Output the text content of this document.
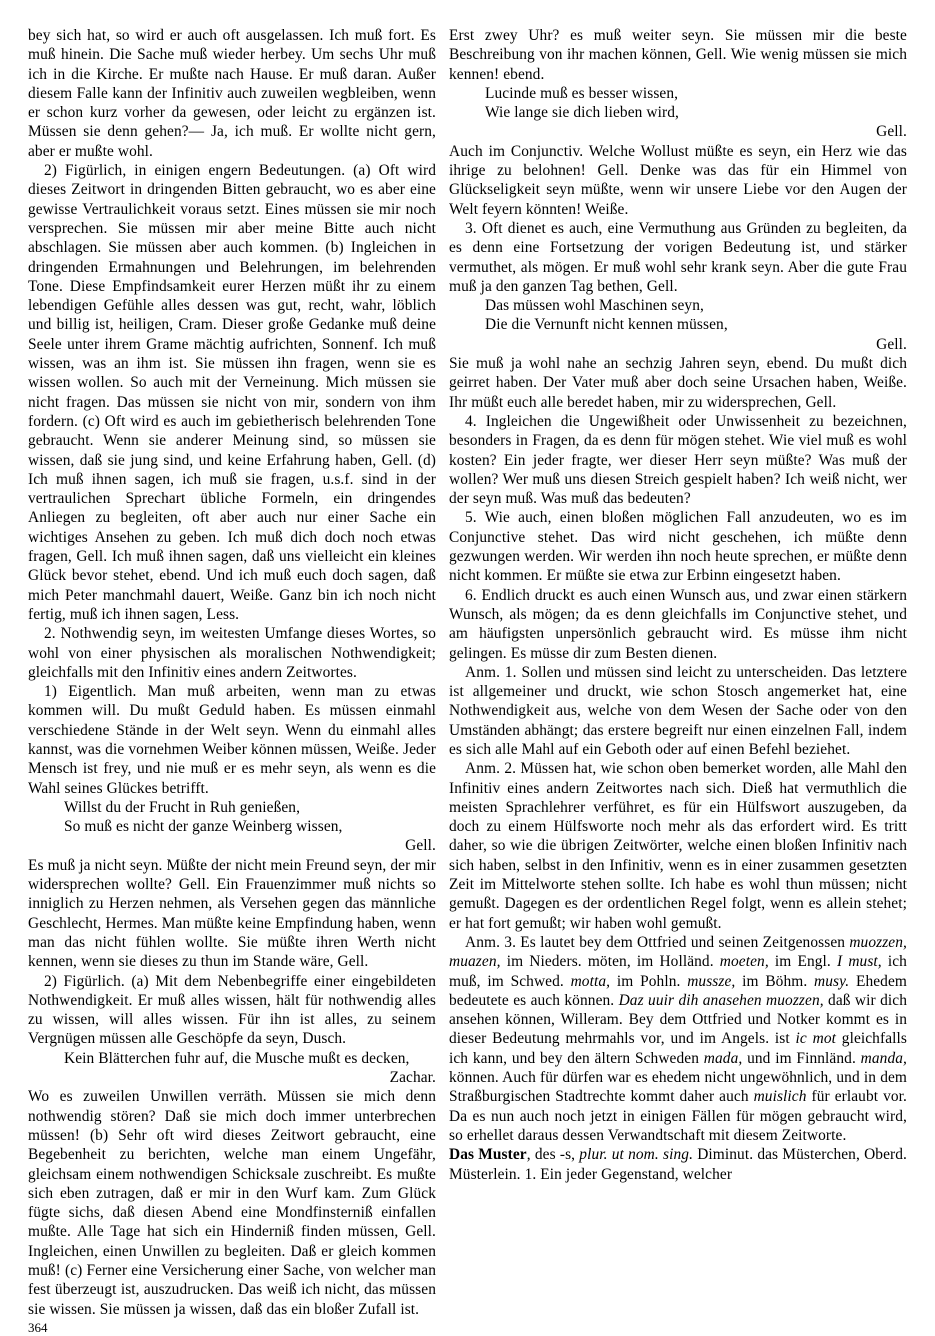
bey sich hat, so wird er auch oft ausgelassen. Ich muß fort. Es muß hinein. Die Sache muß wieder herbey. Um sechs Uhr muß ich in die Kirche. Er mußte nach Hause. Er muß daran. Außer diesem Falle kann der Infinitiv auch zuweilen wegbleiben, wenn er schon kurz vorher da gewesen, oder leicht zu ergänzen ist. Müssen sie denn gehen?— Ja, ich muß. Er wollte nicht gern, aber er mußte wohl.

2) Figürlich, in einigen engern Bedeutungen. (a) Oft wird dieses Zeitwort in dringenden Bitten gebraucht, wo es aber eine gewisse Vertraulichkeit voraus setzt. Eines müssen sie mir noch versprechen. Sie müssen mir aber meine Bitte auch nicht abschlagen. Sie müssen aber auch kommen. (b) Ingleichen in dringenden Ermahnungen und Belehrungen, im belehrenden Tone. Diese Empfindsamkeit eurer Herzen müßt ihr zu einem lebendigen Gefühle alles dessen was gut, recht, wahr, löblich und billig ist, heiligen, Cram. Dieser große Gedanke muß deine Seele unter ihrem Grame mächtig aufrichten, Sonnenf. Ich muß wissen, was an ihm ist. Sie müssen ihn fragen, wenn sie es wissen wollen. So auch mit der Verneinung. Mich müssen sie nicht fragen. Das müssen sie nicht von mir, sondern von ihm fordern. (c) Oft wird es auch im gebietherisch belehrenden Tone gebraucht. Wenn sie anderer Meinung sind, so müssen sie wissen, daß sie jung sind, und keine Erfahrung haben, Gell. (d) Ich muß ihnen sagen, ich muß sie fragen, u.s.f. sind in der vertraulichen Sprechart übliche Formeln, ein dringendes Anliegen zu begleiten, oft aber auch nur einer Sache ein wichtiges Ansehen zu geben. Ich muß dich doch noch etwas fragen, Gell. Ich muß ihnen sagen, daß uns vielleicht ein kleines Glück bevor stehet, ebend. Und ich muß euch doch sagen, daß mich Peter manchmahl dauert, Weiße. Ganz bin ich noch nicht fertig, muß ich ihnen sagen, Less.

2. Nothwendig seyn, im weitesten Umfange dieses Wortes, so wohl von einer physischen als moralischen Nothwendigkeit; gleichfalls mit den Infinitiv eines andern Zeitwortes.

1) Eigentlich. Man muß arbeiten, wenn man zu etwas kommen will. Du mußt Geduld haben. Es müssen einmahl verschiedene Stände in der Welt seyn. Wenn du einmahl alles kannst, was die vornehmen Weiber können müssen, Weiße. Jeder Mensch ist frey, und nie muß er es mehr seyn, als wenn es die Wahl seines Glückes betrifft.

Willst du der Frucht in Ruh genießen,

So muß es nicht der ganze Weinberg wissen,

Gell.

Es muß ja nicht seyn. Müßte der nicht mein Freund seyn, der mir widersprechen wollte? Gell. Ein Frauenzimmer muß nichts so inniglich zu Herzen nehmen, als Versehen gegen das männliche Geschlecht, Hermes. Man müßte keine Empfindung haben, wenn man das nicht fühlen wollte. Sie müßte ihren Werth nicht kennen, wenn sie dieses zu thun im Stande wäre, Gell.

2) Figürlich. (a) Mit dem Nebenbegriffe einer eingebildeten Nothwendigkeit. Er muß alles wissen, hält für nothwendig alles zu wissen, will alles wissen. Für ihn ist alles, zu seinem Vergnügen müssen alle Geschöpfe da seyn, Dusch.

Kein Blätterchen fuhr auf, die Musche mußt es decken,

Zachar.

Wo es zuweilen Unwillen verräth. Müssen sie mich denn nothwendig stören? Daß sie mich doch immer unterbrechen müssen! (b) Sehr oft wird dieses Zeitwort gebraucht, eine Begebenheit zu berichten, welche man einem Ungefähr, gleichsam einem nothwendigen Schicksale zuschreibt. Es mußte sich eben zutragen, daß er mir in den Wurf kam. Zum Glück fügte sichs, daß diesen Abend eine Mondfinsterniß einfallen mußte. Alle Tage hat sich ein Hinderniß finden müssen, Gell. Ingleichen, einen Unwillen zu begleiten. Daß er gleich kommen muß! (c) Ferner eine Versicherung einer Sache, von welcher man fest überzeugt ist, auszudrucken. Das weiß ich nicht, das müssen sie wissen. Sie müssen ja wissen, daß das ein bloßer Zufall ist.

Erst zwey Uhr? es muß weiter seyn. Sie müssen mir die beste Beschreibung von ihr machen können, Gell. Wie wenig müssen sie mich kennen! ebend.

Lucinde muß es besser wissen,

Wie lange sie dich lieben wird,

Gell.

Auch im Conjunctiv. Welche Wollust müßte es seyn, ein Herz wie das ihrige zu belohnen! Gell. Denke was das für ein Himmel von Glückseligkeit seyn müßte, wenn wir unsere Liebe vor den Augen der Welt feyern könnten! Weiße.

3. Oft dienet es auch, eine Vermuthung aus Gründen zu begleiten, da es denn eine Fortsetzung der vorigen Bedeutung ist, und stärker vermuthet, als mögen. Er muß wohl sehr krank seyn. Aber die gute Frau muß ja den ganzen Tag bethen, Gell.

Das müssen wohl Maschinen seyn,

Die die Vernunft nicht kennen müssen,

Gell.

Sie muß ja wohl nahe an sechzig Jahren seyn, ebend. Du mußt dich geirret haben. Der Vater muß aber doch seine Ursachen haben, Weiße. Ihr müßt euch alle beredet haben, mir zu widersprechen, Gell.

4. Ingleichen die Ungewißheit oder Unwissenheit zu bezeichnen, besonders in Fragen, da es denn für mögen stehet. Wie viel muß es wohl kosten? Ein jeder fragte, wer dieser Herr seyn müßte? Was muß der wollen? Wer muß uns diesen Streich gespielt haben? Ich weiß nicht, wer der seyn muß. Was muß das bedeuten?

5. Wie auch, einen bloßen möglichen Fall anzudeuten, wo es im Conjunctive stehet. Das wird nicht geschehen, ich müßte denn gezwungen werden. Wir werden ihn noch heute sprechen, er müßte denn nicht kommen. Er müßte sie etwa zur Erbinn eingesetzt haben.

6. Endlich druckt es auch einen Wunsch aus, und zwar einen stärkern Wunsch, als mögen; da es denn gleichfalls im Conjunctive stehet, und am häufigsten unpersönlich gebraucht wird. Es müsse ihm nicht gelingen. Es müsse dir zum Besten dienen.

Anm. 1. Sollen und müssen sind leicht zu unterscheiden. Das letztere ist allgemeiner und druckt, wie schon Stosch angemerket hat, eine Nothwendigkeit aus, welche von dem Wesen der Sache oder von den Umständen abhängt; das erstere begreift nur einen einzelnen Fall, indem es sich alle Mahl auf ein Geboth oder auf einen Befehl beziehet.

Anm. 2. Müssen hat, wie schon oben bemerket worden, alle Mahl den Infinitiv eines andern Zeitwortes nach sich. Dieß hat vermuthlich die meisten Sprachlehrer verführet, es für ein Hülfswort auszugeben, da doch zu einem Hülfsworte noch mehr als das erfordert wird. Es tritt daher, so wie die übrigen Zeitwörter, welche einen bloßen Infinitiv nach sich haben, selbst in den Infinitiv, wenn es in einer zusammen gesetzten Zeit im Mittelworte stehen sollte. Ich habe es wohl thun müssen; nicht gemußt. Dagegen es der ordentlichen Regel folgt, wenn es allein stehet; er hat fort gemußt; wir haben wohl gemußt.

Anm. 3. Es lautet bey dem Ottfried und seinen Zeitgenossen muozzen, muazen, im Nieders. möten, im Holländ. moeten, im Engl. I must, ich muß, im Schwed. motta, im Pohln. mussze, im Böhm. musy. Ehedem bedeutete es auch können. Daz uuir dih anasehen muozzen, daß wir dich ansehen können, Willeram. Bey dem Ottfried und Notker kommt es in dieser Bedeutung mehrmahls vor, und im Angels. ist ic mot gleichfalls ich kann, und bey den ältern Schweden mada, und im Finnländ. manda, können. Auch für dürfen war es ehedem nicht ungewöhnlich, und in dem Straßburgischen Stadtrechte kommt daher auch muislich für erlaubt vor. Da es nun auch noch jetzt in einigen Fällen für mögen gebraucht wird, so erhellet daraus dessen Verwandtschaft mit diesem Zeitworte.

Das Muster, des -s, plur. ut nom. sing. Diminut. das Müsterchen, Oberd. Müsterlein. 1. Ein jeder Gegenstand, welcher

364
